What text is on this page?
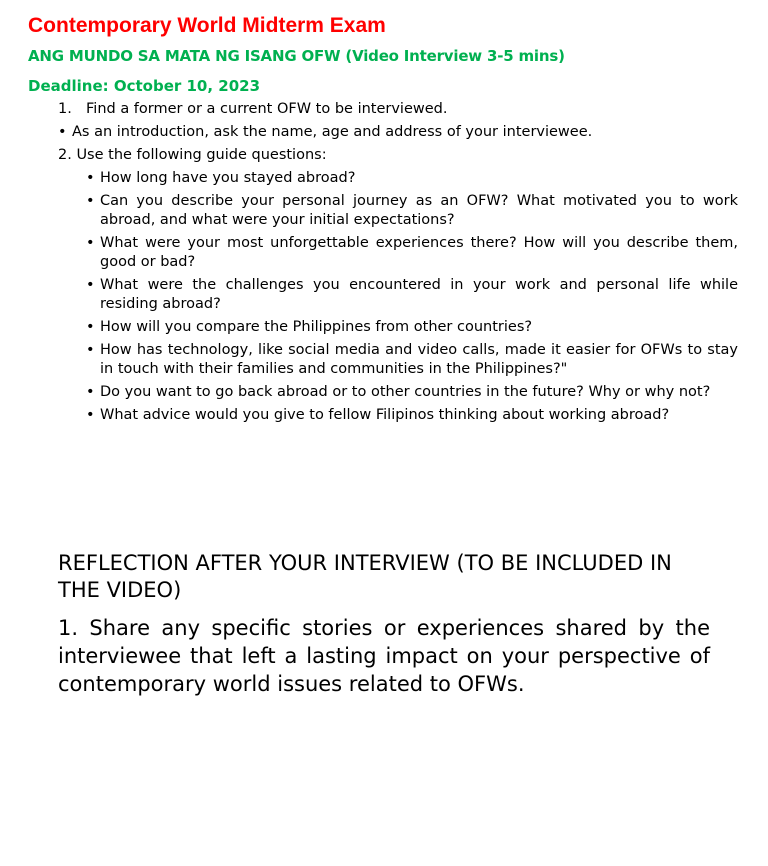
Contemporary World Midterm Exam
ANG MUNDO SA MATA NG ISANG OFW (Video Interview 3-5 mins)
Deadline: October 10, 2023
1. Find a former or a current OFW to be interviewed.
• As an introduction, ask the name, age and address of your interviewee.
2. Use the following guide questions:
• How long have you stayed abroad?
• Can you describe your personal journey as an OFW? What motivated you to work abroad, and what were your initial expectations?
• What were your most unforgettable experiences there? How will you describe them, good or bad?
• What were the challenges you encountered in your work and personal life while residing abroad?
• How will you compare the Philippines from other countries?
• How has technology, like social media and video calls, made it easier for OFWs to stay in touch with their families and communities in the Philippines?"
• Do you want to go back abroad or to other countries in the future? Why or why not?
• What advice would you give to fellow Filipinos thinking about working abroad?
REFLECTION AFTER YOUR INTERVIEW (TO BE INCLUDED IN THE VIDEO)
1. Share any specific stories or experiences shared by the interviewee that left a lasting impact on your perspective of contemporary world issues related to OFWs.
